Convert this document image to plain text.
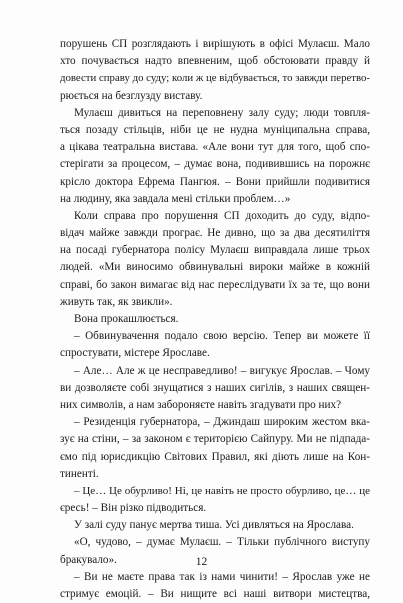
порушень СП розглядають і вирішують в офісі Мулаєш. Мало
хто почувається надто впевненим, щоб обстоювати правду й
довести справу до суду; коли ж це відбувається, то завжди перетво-
рюється на безглузду виставу.
Мулаєш дивиться на переповнену залу суду; люди товпля-
ться позаду стільців, ніби це не нудна муніципальна справа,
а цікава театральна вистава. «Але вони тут для того, щоб спо-
стерігати за процесом, – думає вона, подивившись на порожнє
крісло доктора Ефрема Пангюя. – Вони прийшли подивитися
на людину, яка завдала мені стільки проблем…»
Коли справа про порушення СП доходить до суду, відпо-
відач майже завжди програє. Не дивно, що за два десятиліття
на посаді губернатора полісу Мулаєш виправдала лише трьох
людей. «Ми виносимо обвинувальні вироки майже в кожній
справі, бо закон вимагає від нас переслідувати їх за те, що вони
живуть так, як звикли».
Вона прокашлюється.
– Обвинувачення подало свою версію. Тепер ви можете її
спростувати, містере Ярославе.
– Але… Але ж це несправедливо! – вигукує Ярослав. – Чому
ви дозволяєте собі знущатися з наших сигілів, з наших священ-
них символів, а нам забороняєте навіть згадувати про них?
– Резиденція губернатора, – Джиндаш широким жестом вка-
зує на стіни, – за законом є територією Сайпуру. Ми не підпада-
ємо під юрисдикцію Світових Правил, які діють лише на Кон-
тиненті.
– Це… Це обурливо! Ні, це навіть не просто обурливо, це… це
єресь! – Він різко підводиться.
У залі суду панує мертва тиша. Усі дивляться на Ярослава.
«О, чудово, – думає Мулаєш. – Тільки публічного виступу
бракувало».
– Ви не маєте права так із нами чинити! – Ярослав уже не
стримує емоцій. – Ви нищите всі наші витвори мистецтва,
12
